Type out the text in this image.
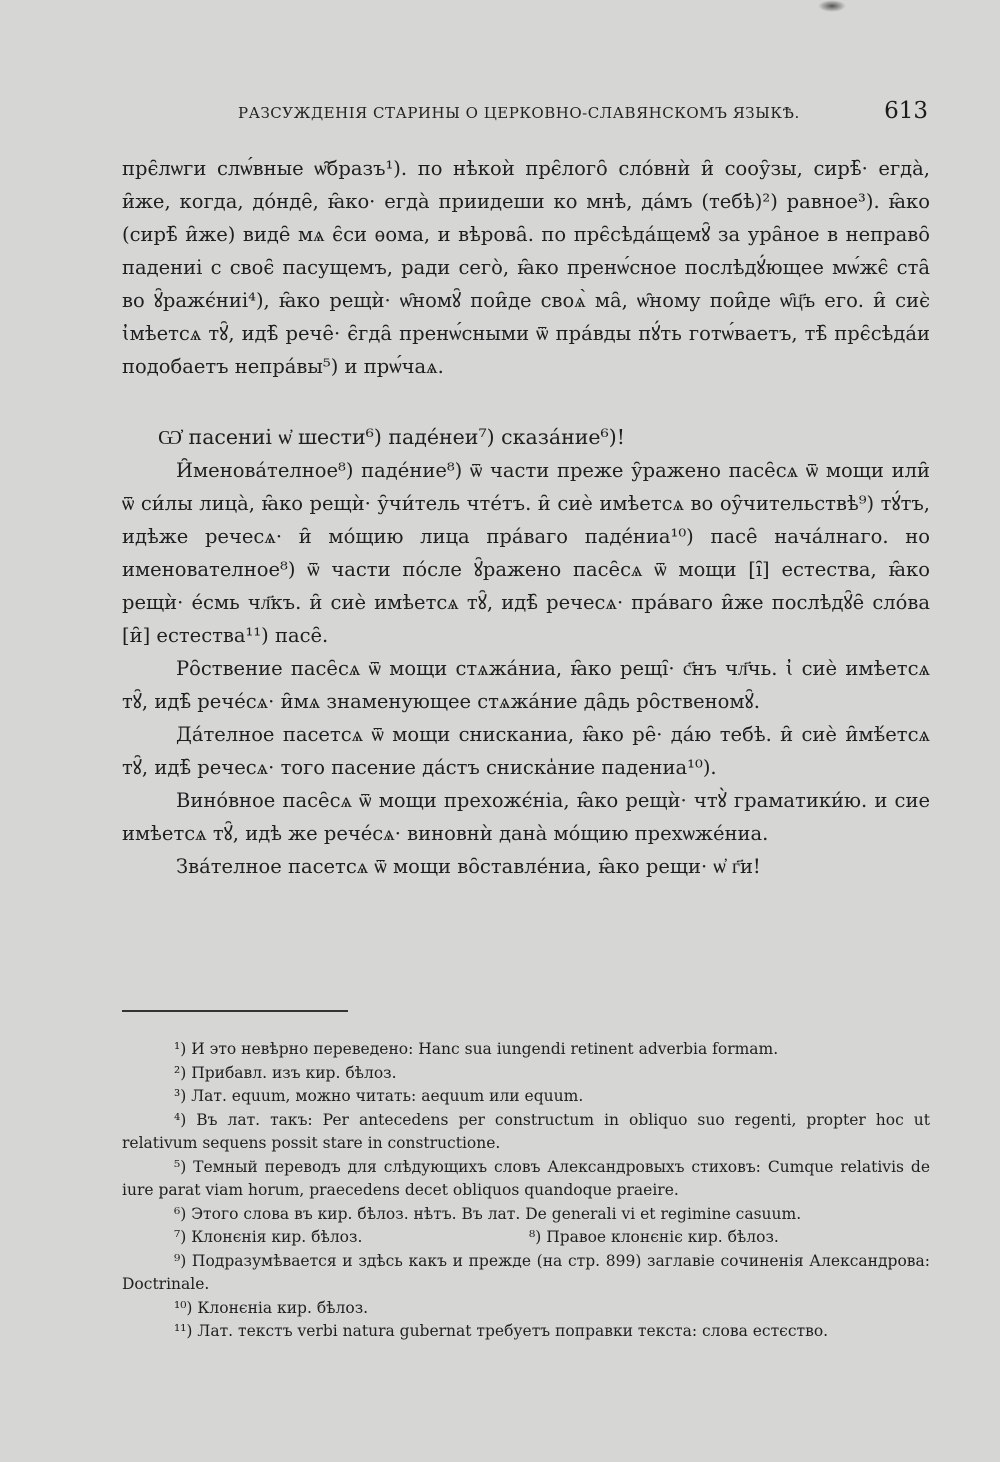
РАЗСУЖДЕНІЯ СТАРИНЫ О ЦЕРКОВНО-СЛАВЯНСКОМЪ ЯЗЫКѢ.	613

прє̑лѡги слѡ́вные ѡ̑бразъ¹). по нѣкоѝ прє̑лого̑ сло́внѝ и̑ сооу̑зы, сирѣ̑· егда̀, и̑же, когда, до́нде̑, ꙗ̑ко· егда̀ приидеши ко мнѣ, да́мъ (тебѣ)²) равное³). ꙗ̑ко (сирѣ̑ и̑же) виде̑ мѧ є̑си ѳома, и вѣрова̑. по прє̑сѣда́щемꙋ̑ за ура̑ное в неправо̑ падениі с своє̑ пасущемъ, ради сего̀, ꙗ̑ко пренѡ́сное послѣдꙋ́ющее мѡ́жє̑ ста̑ во ꙋ̑ражє́ниі⁴), ꙗ̑ко рещѝ· ѡ̑номꙋ̑ пои̑де своѧ̀ ма̑, ѡ̑ному пои̑де ѡ̑ц҃ъ его. и̑ сиє̀ ꙇ̓мѣетсѧ тꙋ̑, идѣ̑ рече̑· є̑гда̑ пренѡ́сными ѿ пра́вды пꙋ́ть готѡ́ваетъ, тѣ̑ прє̑сѣда́и подобаетъ непра́вы⁵) и прѡ́чаѧ.

Ѡ҆ пасениі ѡ҆ шести⁶) паде́неи⁷) сказа́ние⁶)!

И̑менова́телное⁸) паде́ние⁸) ѿ части преже у̑ражено пасе̑сѧ ѿ мощи или̑ ѿ си́лы лица̀, ꙗ̑ко рещѝ· у̑чи́тель чте́тъ. и̑ сиѐ имѣетсѧ во оу̑чительствѣ⁹) тꙋ́тъ, идѣже речесѧ· и̑ мо́щию лица пра́ваго паде́ниа¹⁰) пасе̑ нача́лнаго. но именователное⁸) ѿ части по́сле ꙋ̑ражено пасе̑сѧ ѿ мощи [і̑] естества, ꙗ̑ко рещѝ· е́смь чл҃къ. и̑ сиѐ имѣетсѧ тꙋ̑, идѣ̑ речесѧ· пра́ваго и̑же послѣдꙋ̑е̑ сло́ва [и̑] естества¹¹) пасе̑.

Ро̑ствение пасе̑сѧ ѿ мощи стѧжа́ниа, ꙗ̑ко рещі̑· с҃нъ чл҃чь. ꙇ̓ сиѐ имѣетсѧ тꙋ̑, идѣ̑ рече́сѧ· и̑мѧ знаменующее стѧжа́ние да̑дь ро̑ственомꙋ̑.

Да́телное пасетсѧ ѿ мощи снисканиа, ꙗ̑ко ре̑· да́ю тебѣ. и̑ сиѐ и̑мѣ́етсѧ тꙋ̑, идѣ̑ речесѧ· того пасение да́стъ снискa̍ние падениа¹⁰).

Вино́вное пасе̑сѧ ѿ мощи прехожє́ніа, ꙗ̑ко рещѝ· чтꙋ̀ граматики́ю. и сие имѣетсѧ тꙋ̑, идѣ же рече́сѧ· виновнѝ данà мо́щию прехѡже́ниа.

Зва́телное пасетсѧ ѿ мощи во̑ставле́ниа, ꙗ̑ко рещи· ѡ҆ г҃и!

¹) И это невѣрно переведено: Hanc sua iungendi retinent adverbia formam.

²) Прибавл. изъ кир. бѣлоз.

³) Лат. equum, можно читать: aequum или equum.

⁴) Въ лат. такъ: Per antecedens per constructum in obliquo suo regenti, propter hoc ut relativum sequens possit stare in constructione.

⁵) Темный переводъ для слѣдующихъ словъ Александровыхъ стиховъ: Cumque relativis de iure parat viam horum, praecedens decet obliquos quandoque praeire.

⁶) Этого слова въ кир. бѣлоз. нѣтъ. Въ лат. De generali vi et regimine casuum.

⁷) Клонєнiя кир. бѣлоз.	⁸) Правое клонєнiє кир. бѣлоз.

⁹) Подразумѣвается и здѣсь какъ и прежде (на стр. 899) заглавіе сочиненія Александрова: Doctrinale.

¹⁰) Клонєнiа кир. бѣлоз.

¹¹) Лат. текстъ verbi natura gubernat требуетъ поправки текста: слова естєство.
